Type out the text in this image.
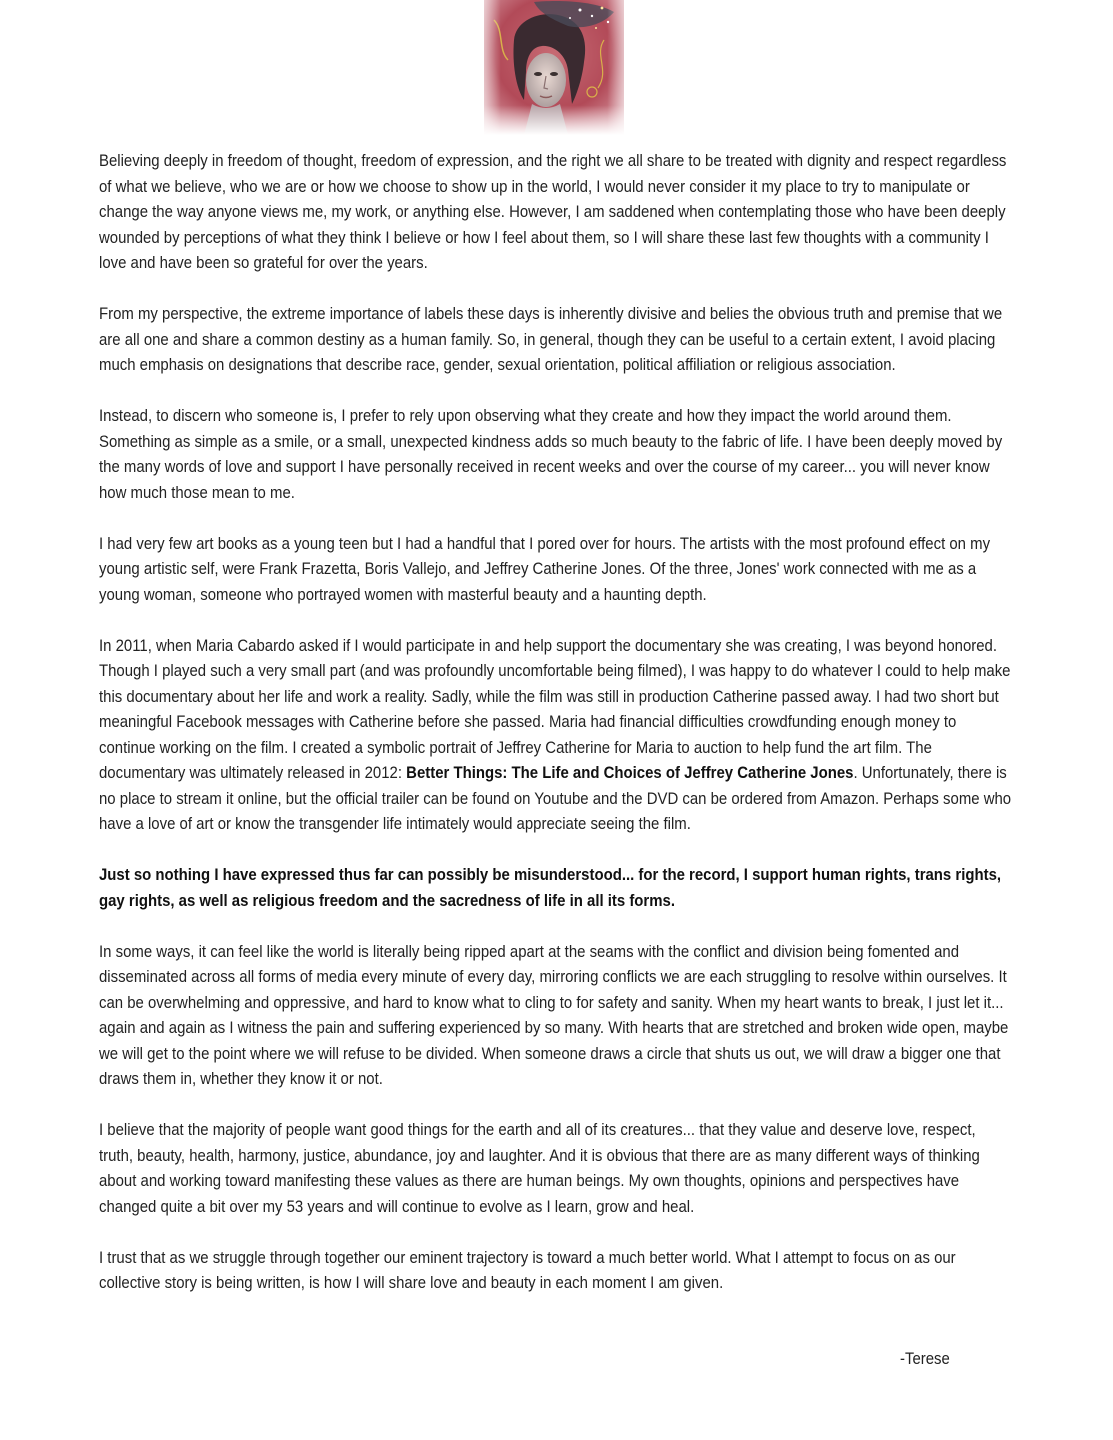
Believing deeply in freedom of thought, freedom of expression, and the right we all share to be treated with dignity and respect regardless of what we believe, who we are or how we choose to show up in the world, I would never consider it my place to try to manipulate or change the way anyone views me, my work, or anything else. However, I am saddened when contemplating those who have been deeply wounded by perceptions of what they think I believe or how I feel about them, so I will share these last few thoughts with a community I love and have been so grateful for over the years.

From my perspective, the extreme importance of labels these days is inherently divisive and belies the obvious truth and premise that we are all one and share a common destiny as a human family. So, in general, though they can be useful to a certain extent, I avoid placing much emphasis on designations that describe race, gender, sexual orientation, political affiliation or religious association.

Instead, to discern who someone is, I prefer to rely upon observing what they create and how they impact the world around them. Something as simple as a smile, or a small, unexpected kindness adds so much beauty to the fabric of life. I have been deeply moved by the many words of love and support I have personally received in recent weeks and over the course of my career... you will never know how much those mean to me.

I had very few art books as a young teen but I had a handful that I pored over for hours. The artists with the most profound effect on my young artistic self, were Frank Frazetta, Boris Vallejo, and Jeffrey Catherine Jones. Of the three, Jones' work connected with me as a young woman, someone who portrayed women with masterful beauty and a haunting depth.

In 2011, when Maria Cabardo asked if I would participate in and help support the documentary she was creating, I was beyond honored. Though I played such a very small part (and was profoundly uncomfortable being filmed), I was happy to do whatever I could to help make this documentary about her life and work a reality. Sadly, while the film was still in production Catherine passed away. I had two short but meaningful Facebook messages with Catherine before she passed. Maria had financial difficulties crowdfunding enough money to continue working on the film. I created a symbolic portrait of Jeffrey Catherine for Maria to auction to help fund the art film. The documentary was ultimately released in 2012: Better Things: The Life and Choices of Jeffrey Catherine Jones. Unfortunately, there is no place to stream it online, but the official trailer can be found on Youtube and the DVD can be ordered from Amazon. Perhaps some who have a love of art or know the transgender life intimately would appreciate seeing the film.

Just so nothing I have expressed thus far can possibly be misunderstood... for the record, I support human rights, trans rights, gay rights, as well as religious freedom and the sacredness of life in all its forms.

In some ways, it can feel like the world is literally being ripped apart at the seams with the conflict and division being fomented and disseminated across all forms of media every minute of every day, mirroring conflicts we are each struggling to resolve within ourselves. It can be overwhelming and oppressive, and hard to know what to cling to for safety and sanity. When my heart wants to break, I just let it... again and again as I witness the pain and suffering experienced by so many. With hearts that are stretched and broken wide open, maybe we will get to the point where we will refuse to be divided. When someone draws a circle that shuts us out, we will draw a bigger one that draws them in, whether they know it or not.

I believe that the majority of people want good things for the earth and all of its creatures... that they value and deserve love, respect, truth, beauty, health, harmony, justice, abundance, joy and laughter. And it is obvious that there are as many different ways of thinking about and working toward manifesting these values as there are human beings. My own thoughts, opinions and perspectives have changed quite a bit over my 53 years and will continue to evolve as I learn, grow and heal.

I trust that as we struggle through together our eminent trajectory is toward a much better world. What I attempt to focus on as our collective story is being written, is how I will share love and beauty in each moment I am given.

-Terese
